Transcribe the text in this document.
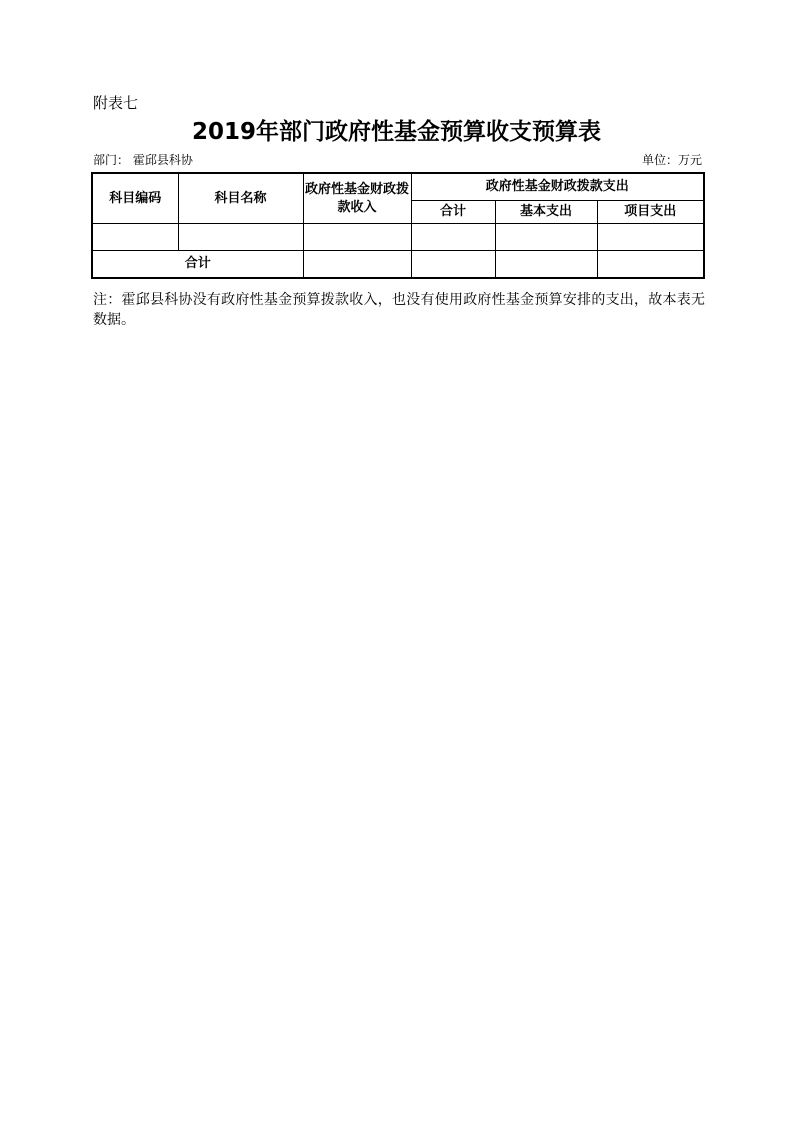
附表七
2019年部门政府性基金预算收支预算表
部门： 霍邱县科协	单位：万元
科目编码	科目名称	政府性基金财政拨款收入	政府性基金财政拨款支出		
			合计	基本支出	项目支出

合计					
注：霍邱县科协没有政府性基金预算拨款收入，也没有使用政府性基金预算安排的支出，故本表无数据。
